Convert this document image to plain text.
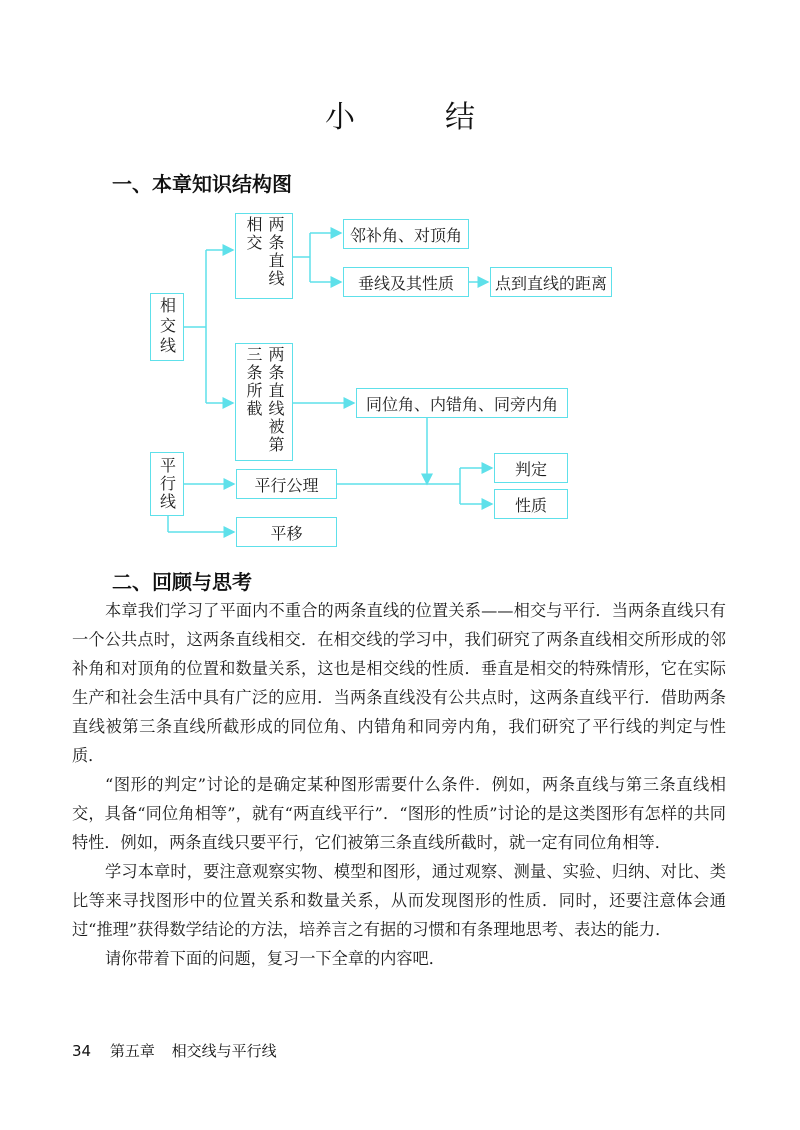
小　结
一、本章知识结构图
相交线
两条直线相交	邻补角、对顶角
垂线及其性质	点到直线的距离
两条直线被第三条所截	同位角、内错角、同旁内角
平行线	平行公理
平移
判定
性质
二、回顾与思考

本章我们学习了平面内不重合的两条直线的位置关系——相交与平行．当两条直线只有一个公共点时，这两条直线相交．在相交线的学习中，我们研究了两条直线相交所形成的邻补角和对顶角的位置和数量关系，这也是相交线的性质．垂直是相交的特殊情形，它在实际生产和社会生活中具有广泛的应用．当两条直线没有公共点时，这两条直线平行．借助两条直线被第三条直线所截形成的同位角、内错角和同旁内角，我们研究了平行线的判定与性质．

“图形的判定”讨论的是确定某种图形需要什么条件．例如，两条直线与第三条直线相交，具备“同位角相等”，就有“两直线平行”．“图形的性质”讨论的是这类图形有怎样的共同特性．例如，两条直线只要平行，它们被第三条直线所截时，就一定有同位角相等．

学习本章时，要注意观察实物、模型和图形，通过观察、测量、实验、归纳、对比、类比等来寻找图形中的位置关系和数量关系，从而发现图形的性质．同时，还要注意体会通过“推理”获得数学结论的方法，培养言之有据的习惯和有条理地思考、表达的能力．

请你带着下面的问题，复习一下全章的内容吧．

34 第五章 相交线与平行线
